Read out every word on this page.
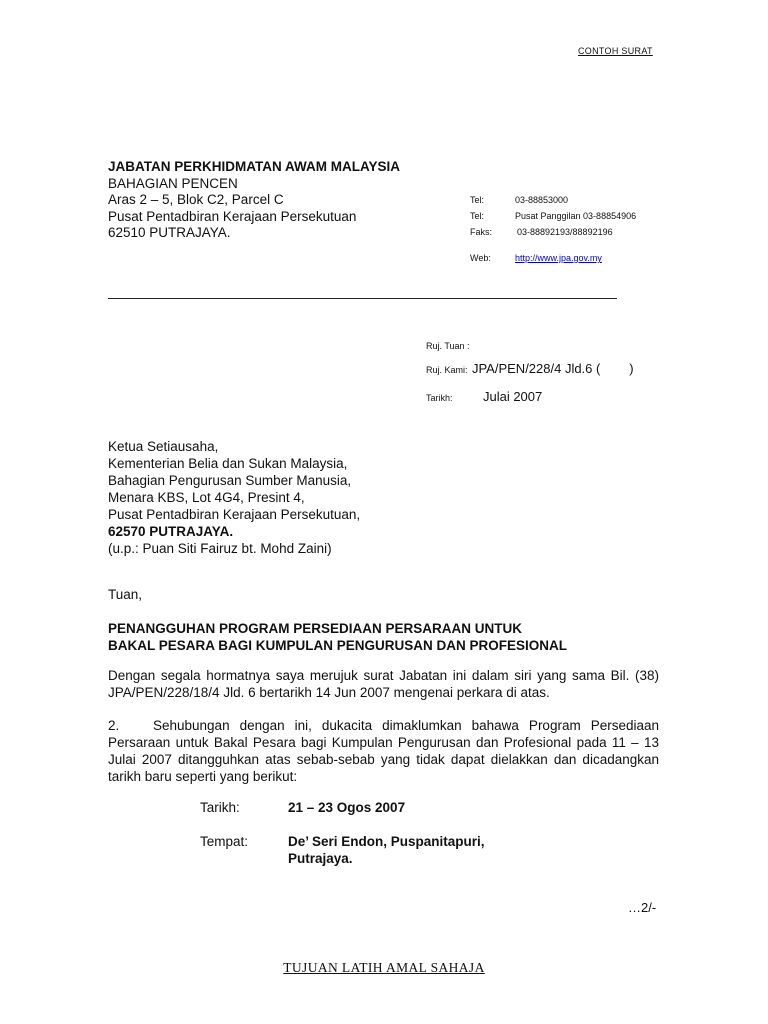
CONTOH SURAT
JABATAN PERKHIDMATAN AWAM MALAYSIA
BAHAGIAN PENCEN
Aras 2 – 5, Blok C2, Parcel C
Pusat Pentadbiran Kerajaan Persekutuan
62510 PUTRAJAYA.
Tel:	03-88853000
Tel:	Pusat Panggilan 03-88854906
Faks:	03-88892193/88892196
Web:	http://www.jpa.gov.my
Ruj. Tuan :
Ruj. Kami: JPA/PEN/228/4 Jld.6 (        )
Tarikh: Julai 2007
Ketua Setiausaha,
Kementerian Belia dan Sukan Malaysia,
Bahagian Pengurusan Sumber Manusia,
Menara KBS, Lot 4G4, Presint 4,
Pusat Pentadbiran Kerajaan Persekutuan,
62570 PUTRAJAYA.
(u.p.: Puan Siti Fairuz bt. Mohd Zaini)
Tuan,
PENANGGUHAN PROGRAM PERSEDIAAN PERSARAAN UNTUK
BAKAL PESARA BAGI KUMPULAN PENGURUSAN DAN PROFESIONAL
Dengan segala hormatnya saya merujuk surat Jabatan ini dalam siri yang sama Bil. (38) JPA/PEN/228/18/4 Jld. 6 bertarikh 14 Jun 2007 mengenai perkara di atas.
2. Sehubungan dengan ini, dukacita dimaklumkan bahawa Program Persediaan Persaraan untuk Bakal Pesara bagi Kumpulan Pengurusan dan Profesional pada 11 – 13 Julai 2007 ditangguhkan atas sebab-sebab yang tidak dapat dielakkan dan dicadangkan tarikh baru seperti yang berikut:
Tarikh:	21 – 23 Ogos 2007
Tempat:	De’ Seri Endon, Puspanitapuri,
Putrajaya.
…2/-
TUJUAN LATIH AMAL SAHAJA
